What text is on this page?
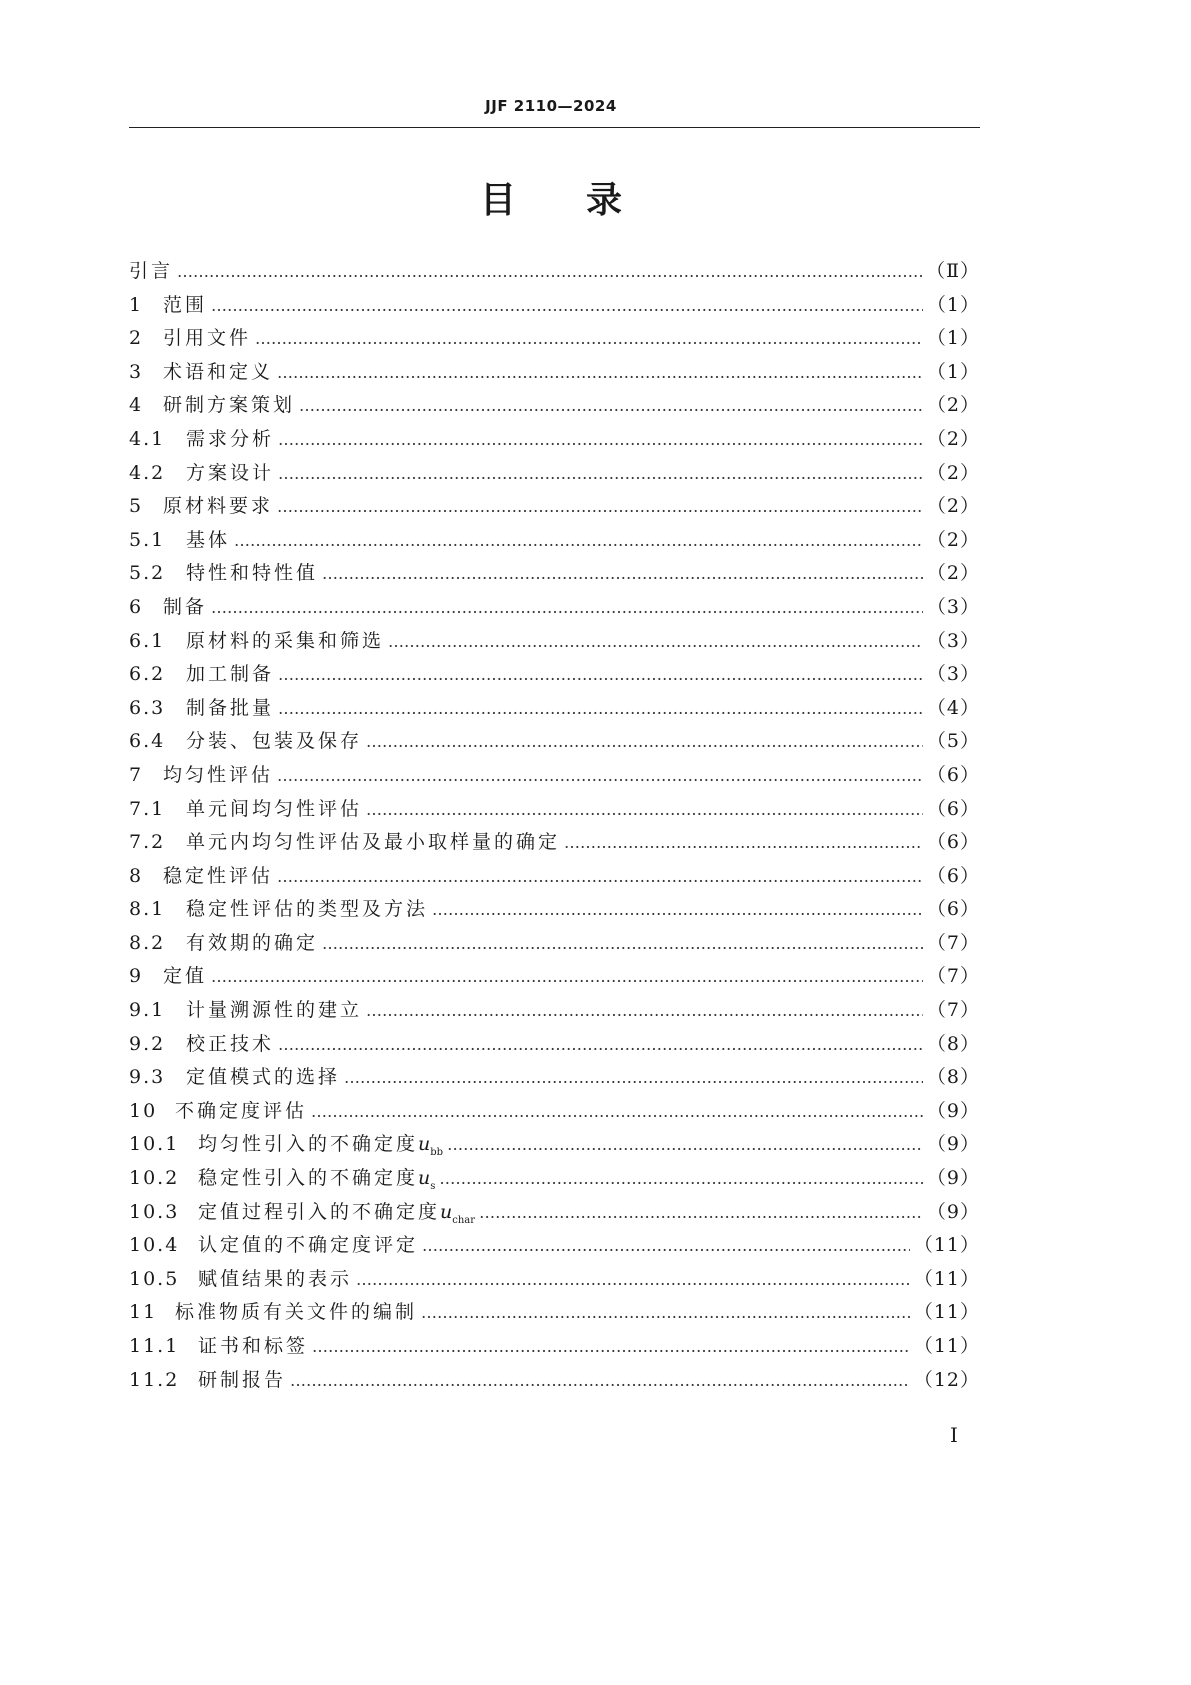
JJF 2110—2024
目录
引言 …………………………………………………………………………………………………………………………………………………………………………………………………………	（Ⅱ）
1	范围 …………………………………………………………………………………………………………………………………………………………………………………………………………	（1）
2	引用文件 …………………………………………………………………………………………………………………………………………………………………………………………………………	（1）
3	术语和定义 …………………………………………………………………………………………………………………………………………………………………………………………………………	（1）
4	研制方案策划 …………………………………………………………………………………………………………………………………………………………………………………………………………	（2）
4.1	需求分析 …………………………………………………………………………………………………………………………………………………………………………………………………………	（2）
4.2	方案设计 …………………………………………………………………………………………………………………………………………………………………………………………………………	（2）
5	原材料要求 …………………………………………………………………………………………………………………………………………………………………………………………………………	（2）
5.1	基体 …………………………………………………………………………………………………………………………………………………………………………………………………………	（2）
5.2	特性和特性值 …………………………………………………………………………………………………………………………………………………………………………………………………………	（2）
6	制备 …………………………………………………………………………………………………………………………………………………………………………………………………………	（3）
6.1	原材料的采集和筛选 …………………………………………………………………………………………………………………………………………………………………………………………………………	（3）
6.2	加工制备 …………………………………………………………………………………………………………………………………………………………………………………………………………	（3）
6.3	制备批量 …………………………………………………………………………………………………………………………………………………………………………………………………………	（4）
6.4	分装、包装及保存 …………………………………………………………………………………………………………………………………………………………………………………………………………	（5）
7	均匀性评估 …………………………………………………………………………………………………………………………………………………………………………………………………………	（6）
7.1	单元间均匀性评估 …………………………………………………………………………………………………………………………………………………………………………………………………………	（6）
7.2	单元内均匀性评估及最小取样量的确定 …………………………………………………………………………………………………………………………………………………………………………………………………………	（6）
8	稳定性评估 …………………………………………………………………………………………………………………………………………………………………………………………………………	（6）
8.1	稳定性评估的类型及方法 …………………………………………………………………………………………………………………………………………………………………………………………………………	（6）
8.2	有效期的确定 …………………………………………………………………………………………………………………………………………………………………………………………………………	（7）
9	定值 …………………………………………………………………………………………………………………………………………………………………………………………………………	（7）
9.1	计量溯源性的建立 …………………………………………………………………………………………………………………………………………………………………………………………………………	（7）
9.2	校正技术 …………………………………………………………………………………………………………………………………………………………………………………………………………	（8）
9.3	定值模式的选择 …………………………………………………………………………………………………………………………………………………………………………………………………………	（8）
10 不确定度评估 …………………………………………………………………………………………………………………………………………………………………………………………………………	（9）
10.1 均匀性引入的不确定度$u_{bb}$ …………………………………………………………………………………………………………………………………………………………………………………………………………	（9）
10.2 稳定性引入的不确定度$u_s$ …………………………………………………………………………………………………………………………………………………………………………………………………………	（9）
10.3 定值过程引入的不确定度$u_{char}$ …………………………………………………………………………………………………………………………………………………………………………………………………………	（9）
10.4 认定值的不确定度评定 …………………………………………………………………………………………………………………………………………………………………………………………………………	（11）
10.5 赋值结果的表示 …………………………………………………………………………………………………………………………………………………………………………………………………………	（11）
11 标准物质有关文件的编制 …………………………………………………………………………………………………………………………………………………………………………………………………………	（11）
11.1 证书和标签 …………………………………………………………………………………………………………………………………………………………………………………………………………	（11）
11.2 研制报告 …………………………………………………………………………………………………………………………………………………………………………………………………………	（12）
I
